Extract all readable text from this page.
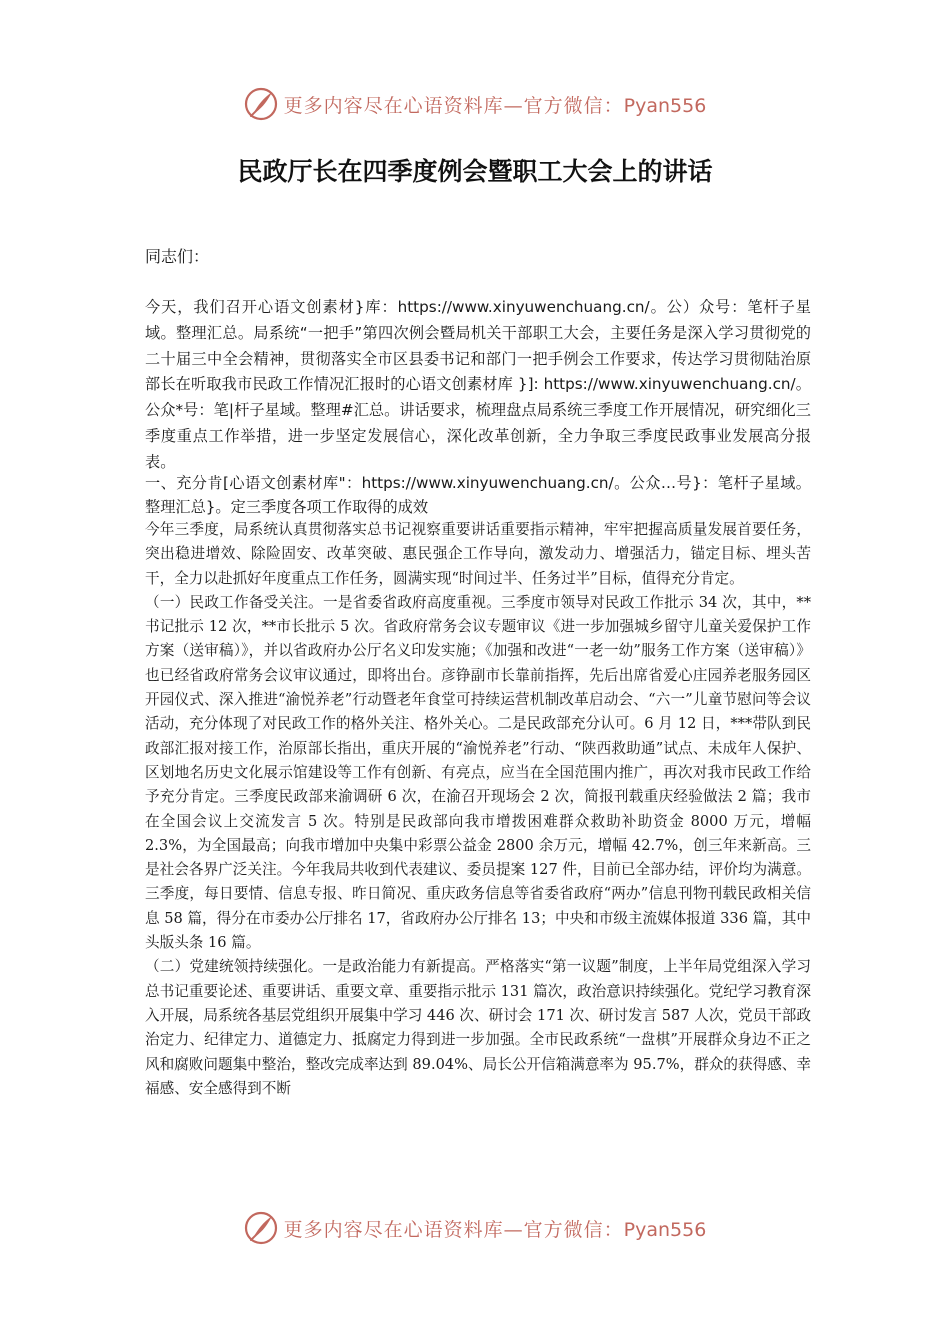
更多内容尽在心语资料库—官方微信：Pyan556
民政厅长在四季度例会暨职工大会上的讲话

同志们：

今天，我们召开心语文创素材}库：https://www.xinyuwenchuang.cn/。公）众号：笔杆子星域。整理汇总。局系统“一把手”第四次例会暨局机关干部职工大会，主要任务是深入学习贯彻党的二十届三中全会精神，贯彻落实全市区县委书记和部门一把手例会工作要求，传达学习贯彻陆治原部长在听取我市民政工作情况汇报时的心语文创素材库 }]: https://www.xinyuwenchuang.cn/。公众*号：笔|杆子星域。整理#汇总。讲话要求，梳理盘点局系统三季度工作开展情况，研究细化三季度重点工作举措，进一步坚定发展信心，深化改革创新，全力争取三季度民政事业发展高分报表。

一、充分肯[心语文创素材库"：https://www.xinyuwenchuang.cn/。公众…号}：笔杆子星域。整理汇总}。定三季度各项工作取得的成效

今年三季度，局系统认真贯彻落实总书记视察重要讲话重要指示精神，牢牢把握高质量发展首要任务，突出稳进增效、除险固安、改革突破、惠民强企工作导向，激发动力、增强活力，锚定目标、埋头苦干，全力以赴抓好年度重点工作任务，圆满实现“时间过半、任务过半”目标，值得充分肯定。

（一）民政工作备受关注。一是省委省政府高度重视。三季度市领导对民政工作批示 34 次，其中，**书记批示 12 次，**市长批示 5 次。省政府常务会议专题审议《进一步加强城乡留守儿童关爱保护工作方案（送审稿）》，并以省政府办公厅名义印发实施；《加强和改进“一老一幼”服务工作方案（送审稿）》也已经省政府常务会议审议通过，即将出台。彦铮副市长靠前指挥，先后出席省爱心庄园养老服务园区开园仪式、深入推进“渝悦养老”行动暨老年食堂可持续运营机制改革启动会、“六一”儿童节慰问等会议活动，充分体现了对民政工作的格外关注、格外关心。二是民政部充分认可。6 月 12 日，***带队到民政部汇报对接工作，治原部长指出，重庆开展的“渝悦养老”行动、“陕西救助通”试点、未成年人保护、区划地名历史文化展示馆建设等工作有创新、有亮点，应当在全国范围内推广，再次对我市民政工作给予充分肯定。三季度民政部来渝调研 6 次，在渝召开现场会 2 次，简报刊载重庆经验做法 2 篇；我市在全国会议上交流发言 5 次。特别是民政部向我市增拨困难群众救助补助资金 8000 万元，增幅 2.3%，为全国最高；向我市增加中央集中彩票公益金 2800 余万元，增幅 42.7%，创三年来新高。三是社会各界广泛关注。今年我局共收到代表建议、委员提案 127 件，目前已全部办结，评价均为满意。三季度，每日要情、信息专报、昨日简况、重庆政务信息等省委省政府“两办”信息刊物刊载民政相关信息 58 篇，得分在市委办公厅排名 17，省政府办公厅排名 13；中央和市级主流媒体报道 336 篇，其中头版头条 16 篇。

（二）党建统领持续强化。一是政治能力有新提高。严格落实“第一议题”制度，上半年局党组深入学习总书记重要论述、重要讲话、重要文章、重要指示批示 131 篇次，政治意识持续强化。党纪学习教育深入开展，局系统各基层党组织开展集中学习 446 次、研讨会 171 次、研讨发言 587 人次，党员干部政治定力、纪律定力、道德定力、抵腐定力得到进一步加强。全市民政系统“一盘棋”开展群众身边不正之风和腐败问题集中整治，整改完成率达到 89.04%、局长公开信箱满意率为 95.7%，群众的获得感、幸福感、安全感得到不断

更多内容尽在心语资料库—官方微信：Pyan556
